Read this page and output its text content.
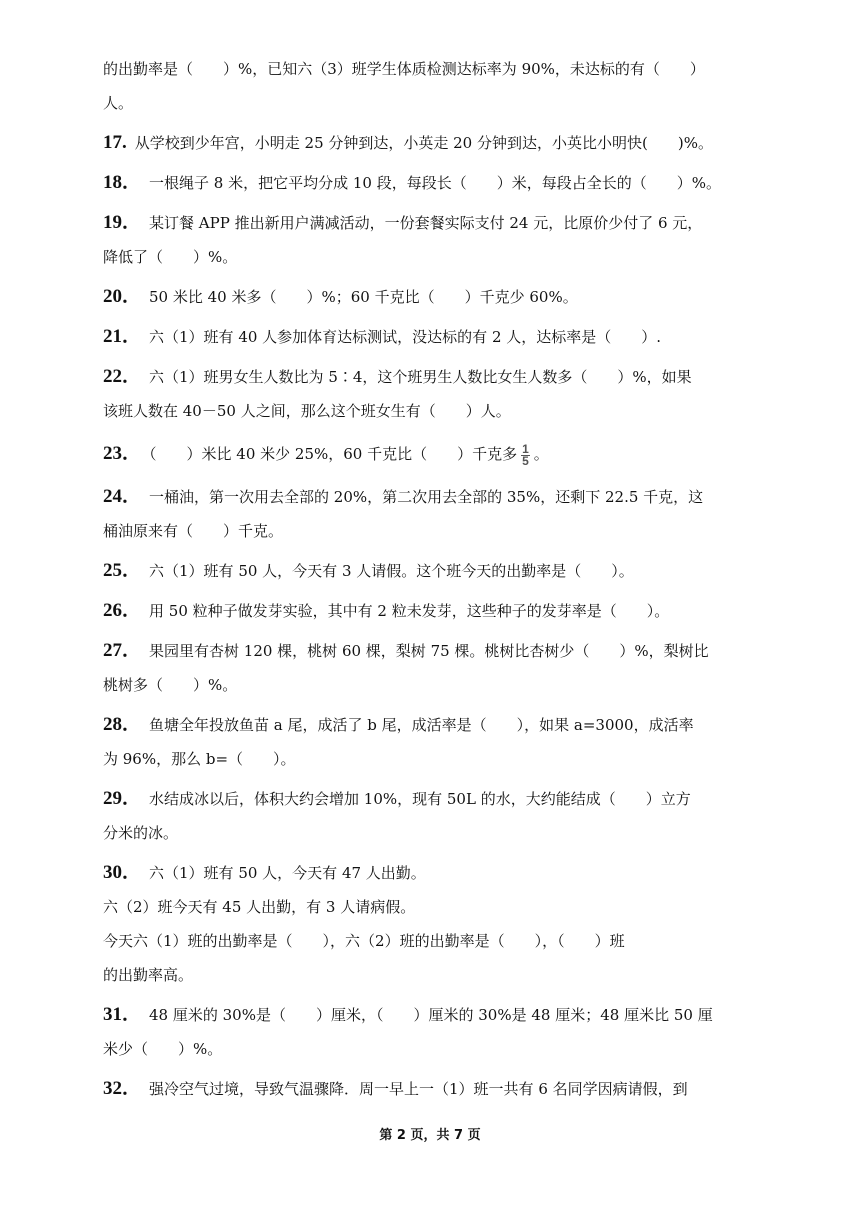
的出勤率是（　　）%，已知六（3）班学生体质检测达标率为 90%，未达标的有（　　）
人。
17. 从学校到少年宫，小明走 25 分钟到达，小英走 20 分钟到达，小英比小明快(　　)%。
18． 一根绳子 8 米，把它平均分成 10 段，每段长（　　）米，每段占全长的（　　）%。
19． 某订餐 APP 推出新用户满减活动，一份套餐实际支付 24 元，比原价少付了 6 元，
降低了（　　）%。
20． 50 米比 40 米多（　　）%；60 千克比（　　）千克少 60%。
21． 六（1）班有 40 人参加体育达标测试，没达标的有 2 人，达标率是（　　）.
22． 六（1）班男女生人数比为 5∶4，这个班男生人数比女生人数多（　　）%，如果
该班人数在 40－50 人之间，那么这个班女生有（　　）人。
23． （　　）米比 40 米少 25%，60 千克比（　　）千克多 $\frac{1}{5}$ 。
24． 一桶油，第一次用去全部的 20%，第二次用去全部的 35%，还剩下 22.5 千克，这
桶油原来有（　　）千克。
25． 六（1）班有 50 人，今天有 3 人请假。这个班今天的出勤率是（　　）。
26． 用 50 粒种子做发芽实验，其中有 2 粒未发芽，这些种子的发芽率是（　　）。
27． 果园里有杏树 120 棵，桃树 60 棵，梨树 75 棵。桃树比杏树少（　　）%，梨树比
桃树多（　　）%。
28． 鱼塘全年投放鱼苗 a 尾，成活了 b 尾，成活率是（　　），如果 a=3000，成活率
为 96%，那么 b=（　　）。
29． 水结成冰以后，体积大约会增加 10%，现有 50L 的水，大约能结成（　　）立方
分米的冰。
30． 六（1）班有 50 人，今天有 47 人出勤。
六（2）班今天有 45 人出勤，有 3 人请病假。
今天六（1）班的出勤率是（　　），六（2）班的出勤率是（　　），（　　）班
的出勤率高。
31． 48 厘米的 30%是（　　）厘米，（　　）厘米的 30%是 48 厘米；48 厘米比 50 厘
米少（　　）%。
32． 强冷空气过境，导致气温骤降．周一早上一（1）班一共有 6 名同学因病请假，到
第 2 页，共 7 页
